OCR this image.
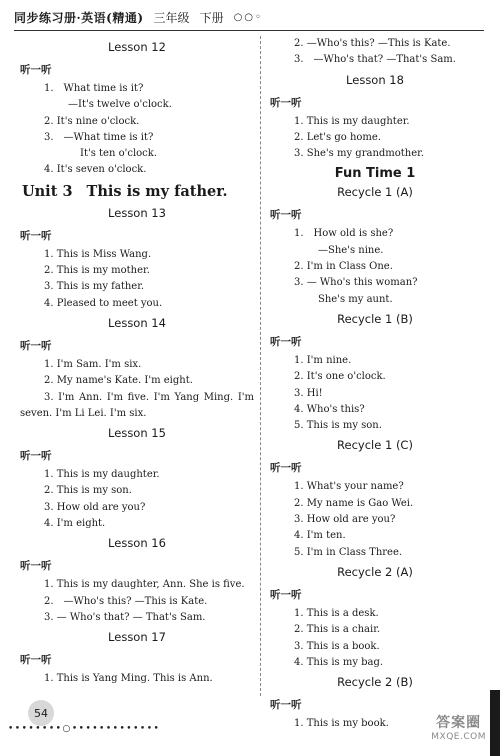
同步练习册·英语(精通) 三年级 下册 ○○◦
Lesson 12
听一听
1.　What time is it?
—It's twelve o'clock.
2. It's nine o'clock.
3.　—What time is it?
It's ten o'clock.
4. It's seven o'clock.
Unit 3 This is my father.
Lesson 13
听一听
1. This is Miss Wang.
2. This is my mother.
3. This is my father.
4. Pleased to meet you.
Lesson 14
听一听
1. I'm Sam. I'm six.
2. My name's Kate. I'm eight.
3. I'm Ann. I'm five. I'm Yang Ming. I'm seven. I'm Li Lei. I'm six.
Lesson 15
听一听
1. This is my daughter.
2. This is my son.
3. How old are you?
4. I'm eight.
Lesson 16
听一听
1. This is my daughter, Ann. She is five.
2.　—Who's this? —This is Kate.
3. — Who's that? — That's Sam.
Lesson 17
听一听
1. This is Yang Ming. This is Ann.
2. —Who's this? —This is Kate.
3.　—Who's that? —That's Sam.
Lesson 18
听一听
1. This is my daughter.
2. Let's go home.
3. She's my grandmother.
Fun Time 1
Recycle 1 (A)
听一听
1.　How old is she?
—She's nine.
2. I'm in Class One.
3. — Who's this woman?
She's my aunt.
Recycle 1 (B)
听一听
1. I'm nine.
2. It's one o'clock.
3. Hi!
4. Who's this?
5. This is my son.
Recycle 1 (C)
听一听
1. What's your name?
2. My name is Gao Wei.
3. How old are you?
4. I'm ten.
5. I'm in Class Three.
Recycle 2 (A)
听一听
1. This is a desk.
2. This is a chair.
3. This is a book.
4. This is my bag.
Recycle 2 (B)
听一听
1. This is my book.
54
••••••••○•••••••••••••	答案圈
MXQE.COM
